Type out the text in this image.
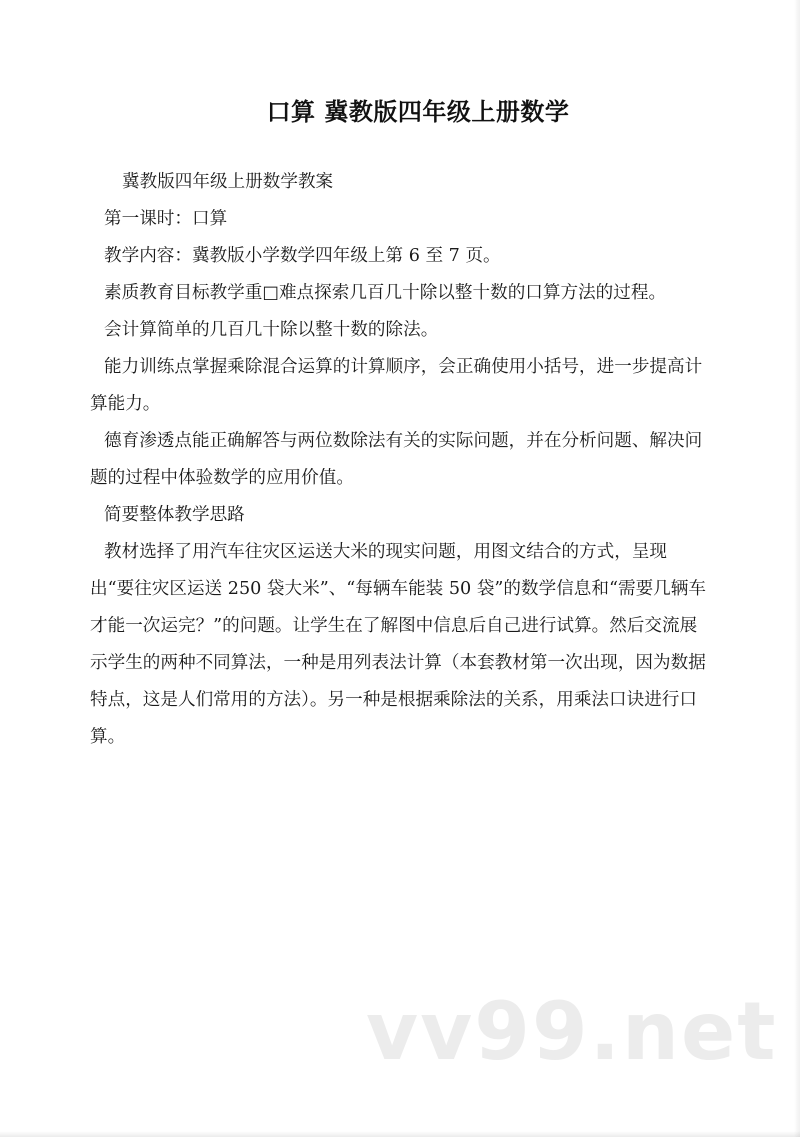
口算 冀教版四年级上册数学

冀教版四年级上册数学教案

第一课时：口算

教学内容：冀教版小学数学四年级上第 6 至 7 页。

素质教育目标教学重□难点探索几百几十除以整十数的口算方法的过程。

会计算简单的几百几十除以整十数的除法。

能力训练点掌握乘除混合运算的计算顺序，会正确使用小括号，进一步提高计算能力。

德育渗透点能正确解答与两位数除法有关的实际问题，并在分析问题、解决问题的过程中体验数学的应用价值。

简要整体教学思路

教材选择了用汽车往灾区运送大米的现实问题，用图文结合的方式，呈现出“要往灾区运送 250 袋大米”、“每辆车能装 50 袋”的数学信息和“需要几辆车才能一次运完？”的问题。让学生在了解图中信息后自己进行试算。然后交流展示学生的两种不同算法，一种是用列表法计算（本套教材第一次出现，因为数据特点，这是人们常用的方法）。另一种是根据乘除法的关系，用乘法口诀进行口算。

vv99.net
